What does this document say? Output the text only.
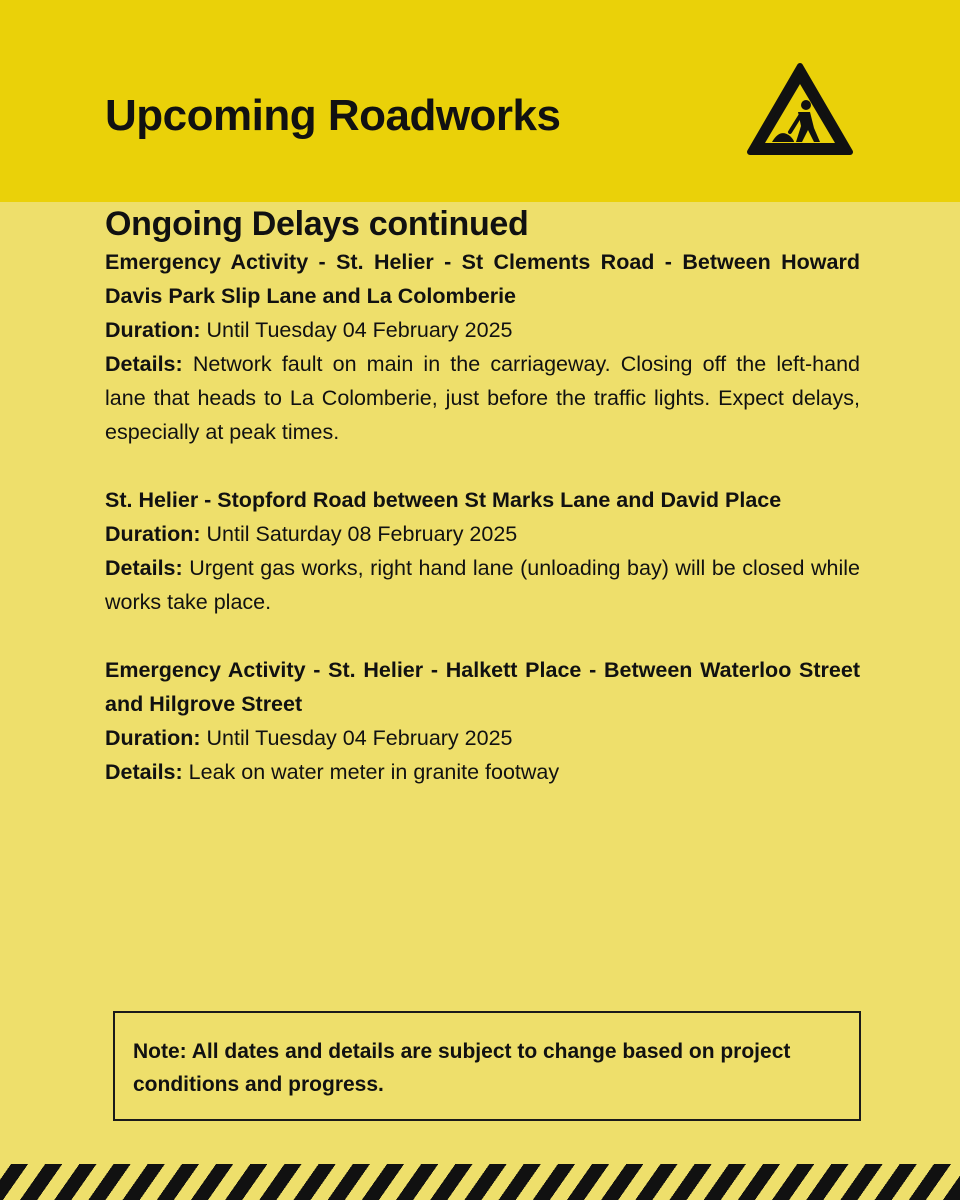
Upcoming Roadworks
Ongoing Delays continued

Emergency Activity - St. Helier - St Clements Road - Between Howard Davis Park Slip Lane and La Colomberie

Duration: Until Tuesday 04 February 2025

Details: Network fault on main in the carriageway. Closing off the left-hand lane that heads to La Colomberie, just before the traffic lights. Expect delays, especially at peak times.

St. Helier - Stopford Road between St Marks Lane and David Place

Duration: Until Saturday 08 February 2025

Details: Urgent gas works, right hand lane (unloading bay) will be closed while works take place.

Emergency Activity - St. Helier - Halkett Place - Between Waterloo Street and Hilgrove Street

Duration: Until Tuesday 04 February 2025

Details: Leak on water meter in granite footway

Note: All dates and details are subject to change based on project conditions and progress.
